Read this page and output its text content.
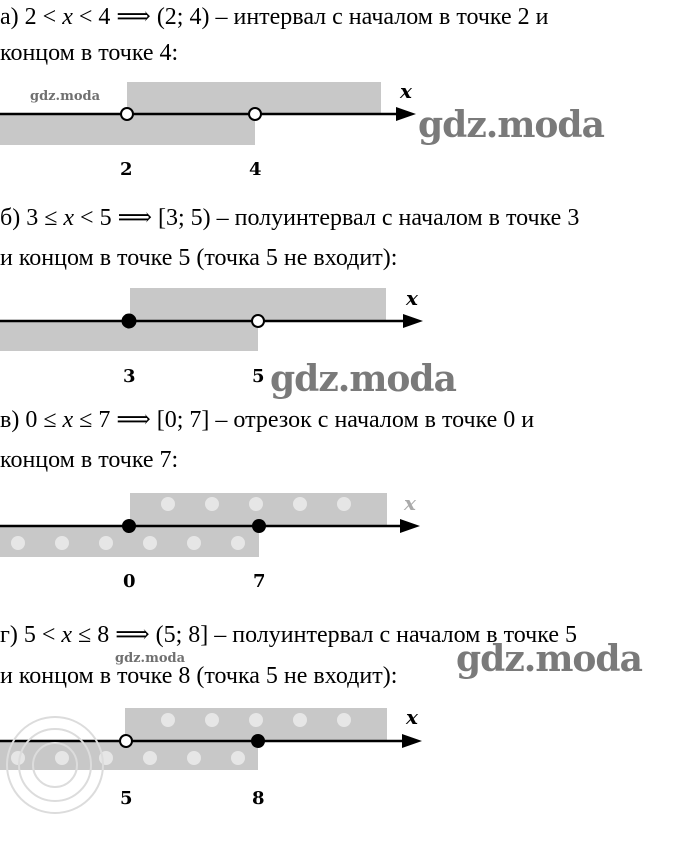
а) 2 < x < 4 ⟹ (2; 4) – интервал с началом в точке 2 и
концом в точке 4:
x
2	4
б) 3 ≤ x < 5 ⟹ [3; 5) – полуинтервал с началом в точке 3
и концом в точке 5 (точка 5 не входит):
x
3	5
в) 0 ≤ x ≤ 7 ⟹ [0; 7] – отрезок с началом в точке 0 и
концом в точке 7:
x
0	7
г) 5 < x ≤ 8 ⟹ (5; 8] – полуинтервал с началом в точке 5
и концом в точке 8 (точка 5 не входит):
x
5	8
gdz.moda
gdz.moda
gdz.moda
gdz.moda	gdz.moda
